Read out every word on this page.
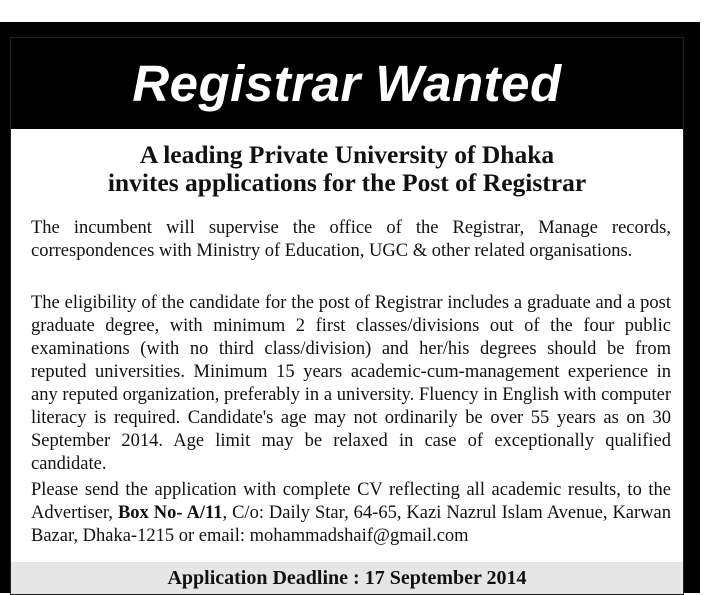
Registrar Wanted
A leading Private University of Dhaka
invites applications for the Post of Registrar
The incumbent will supervise the office of the Registrar, Manage records, correspondences with Ministry of Education, UGC & other related organisations.
The eligibility of the candidate for the post of Registrar includes a graduate and a post graduate degree, with minimum 2 first classes/divisions out of the four public examinations (with no third class/division) and her/his degrees should be from reputed universities. Minimum 15 years academic-cum-management experience in any reputed organization, preferably in a university. Fluency in English with computer literacy is required. Candidate's age may not ordinarily be over 55 years as on 30 September 2014. Age limit may be relaxed in case of exceptionally qualified candidate.
Please send the application with complete CV reflecting all academic results, to the Advertiser, Box No- A/11, C/o: Daily Star, 64-65, Kazi Nazrul Islam Avenue, Karwan Bazar, Dhaka-1215 or email: mohammadshaif@gmail.com
Application Deadline : 17 September 2014
